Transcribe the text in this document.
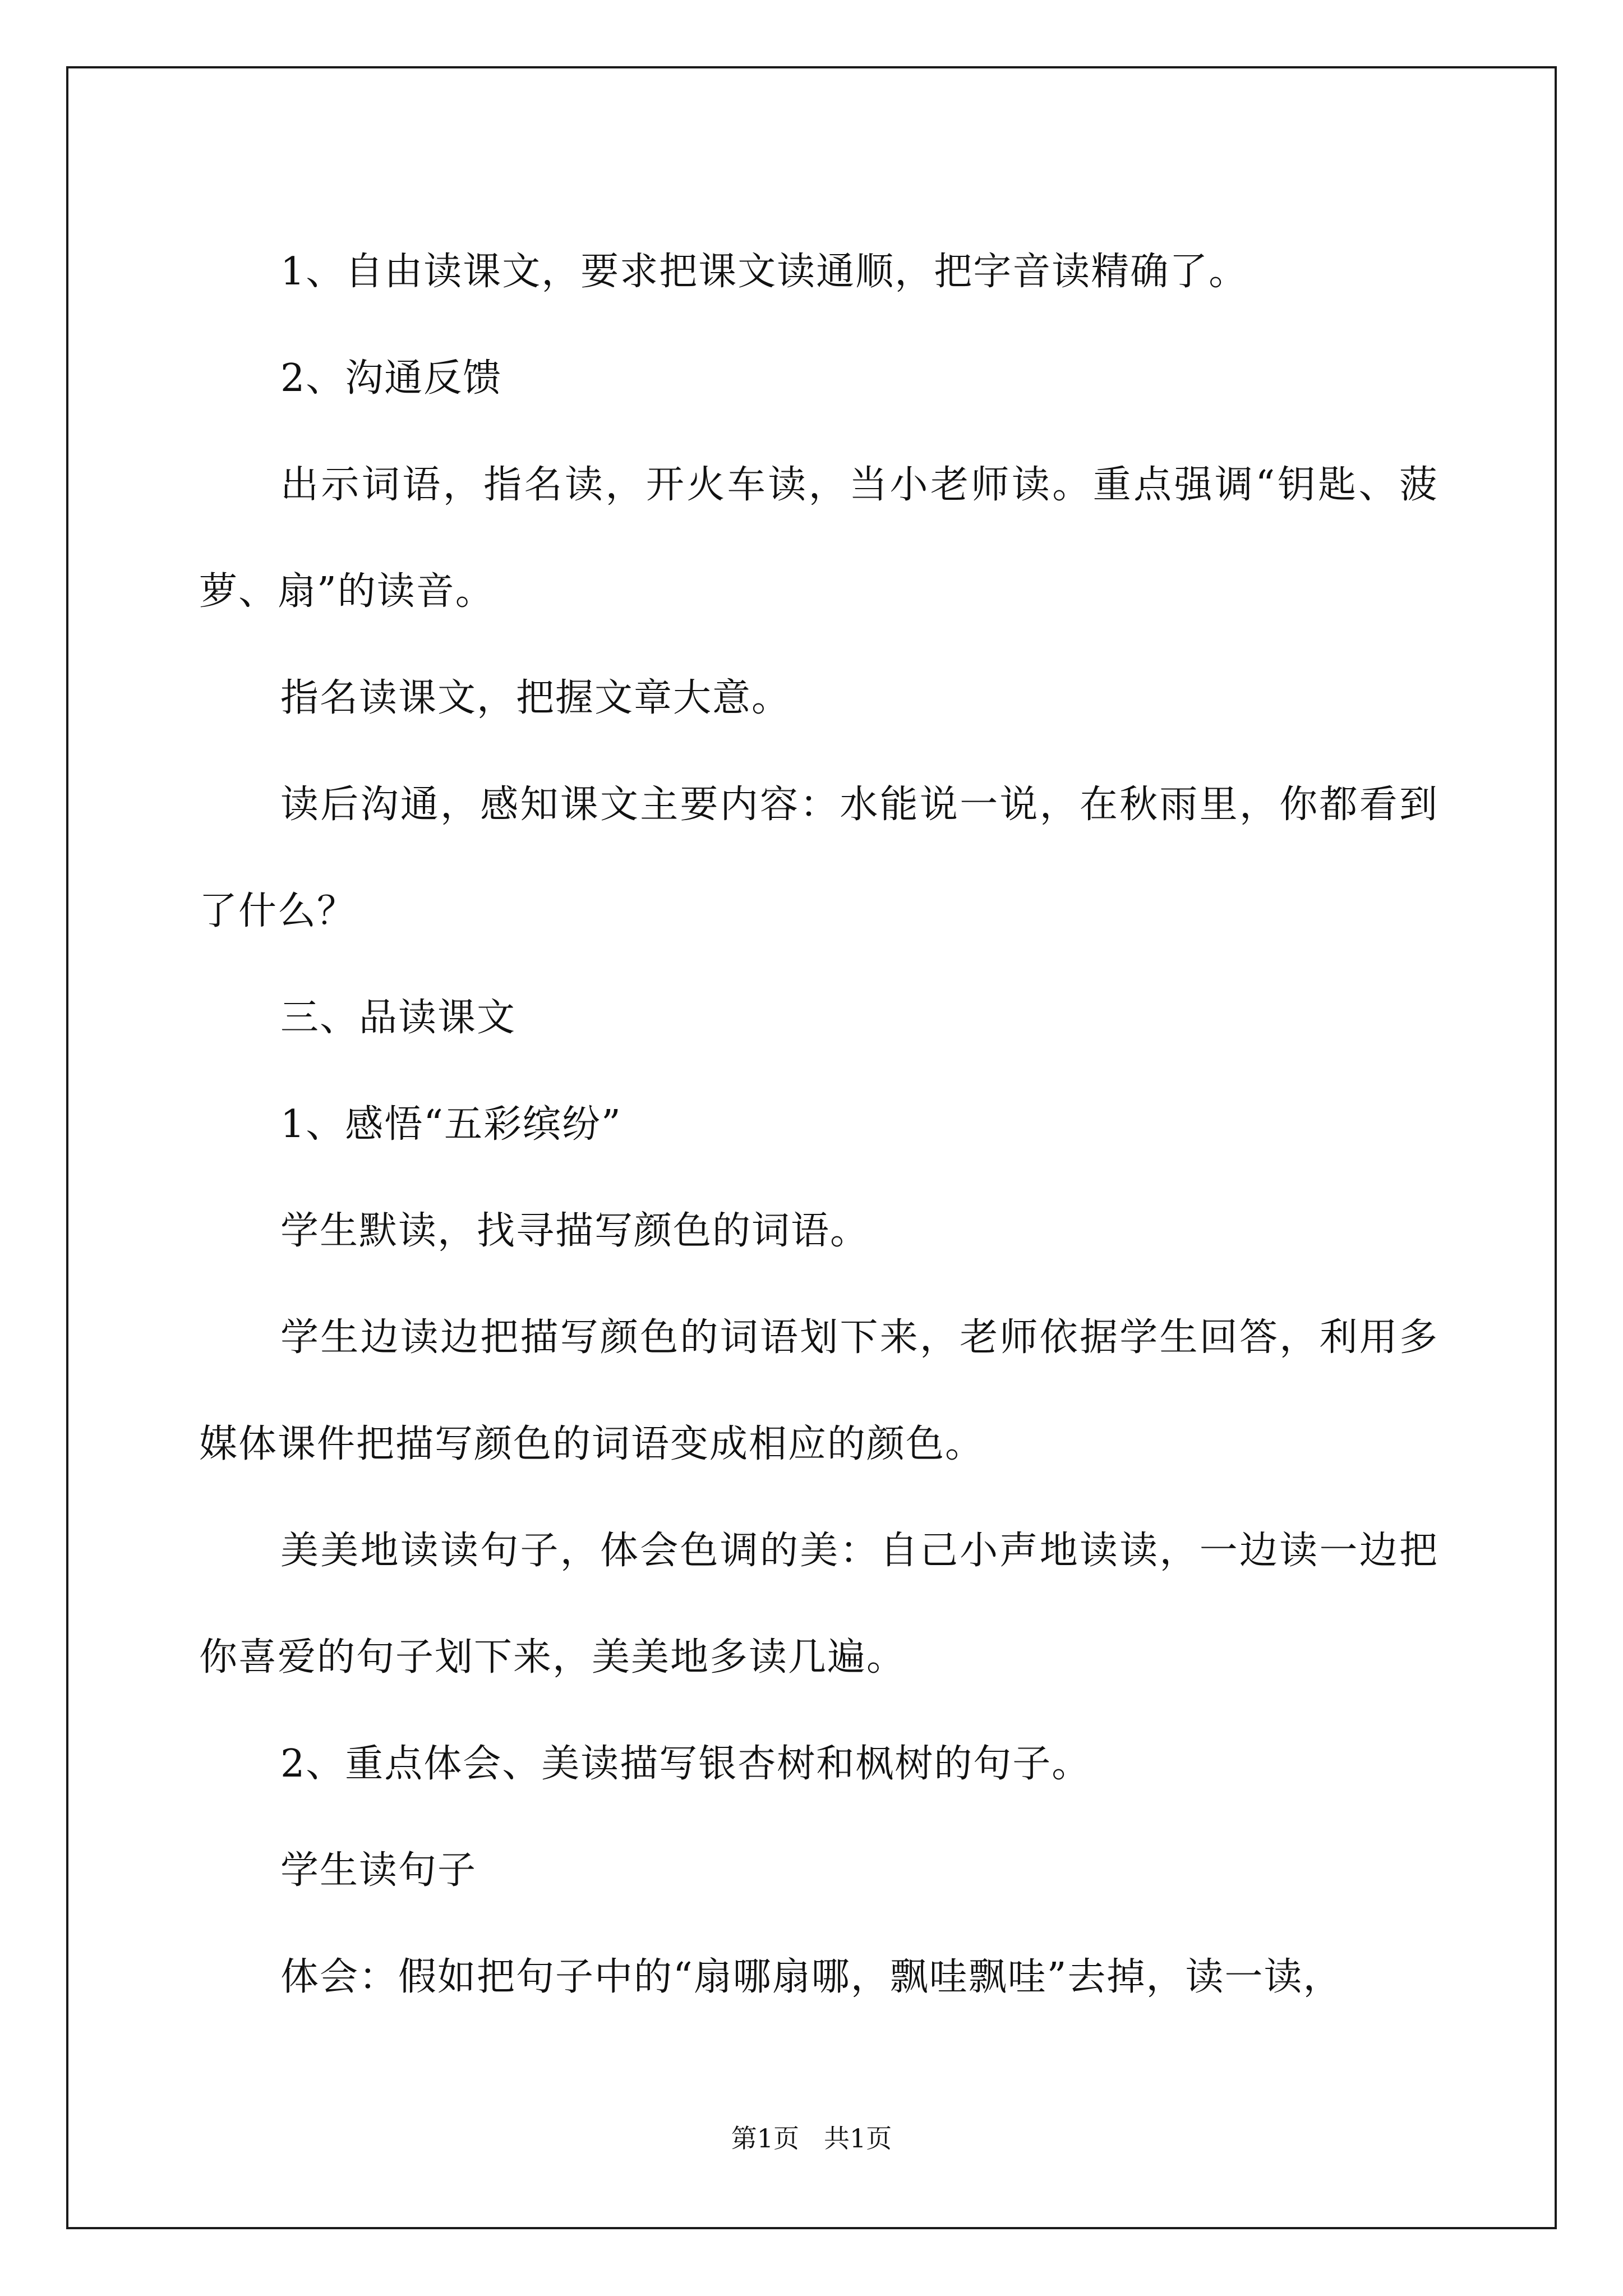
1、自由读课文，要求把课文读通顺，把字音读精确了。

2、沟通反馈

出示词语，指名读，开火车读，当小老师读。重点强调“钥匙、菠萝、扇”的读音。

指名读课文，把握文章大意。

读后沟通，感知课文主要内容：水能说一说，在秋雨里，你都看到了什么？

三、品读课文

1、感悟“五彩缤纷”

学生默读，找寻描写颜色的词语。

学生边读边把描写颜色的词语划下来，老师依据学生回答，利用多媒体课件把描写颜色的词语变成相应的颜色。

美美地读读句子，体会色调的美：自己小声地读读，一边读一边把你喜爱的句子划下来，美美地多读几遍。

2、重点体会、美读描写银杏树和枫树的句子。

学生读句子

体会：假如把句子中的“扇哪扇哪，飘哇飘哇”去掉，读一读，

第1页 共1页
